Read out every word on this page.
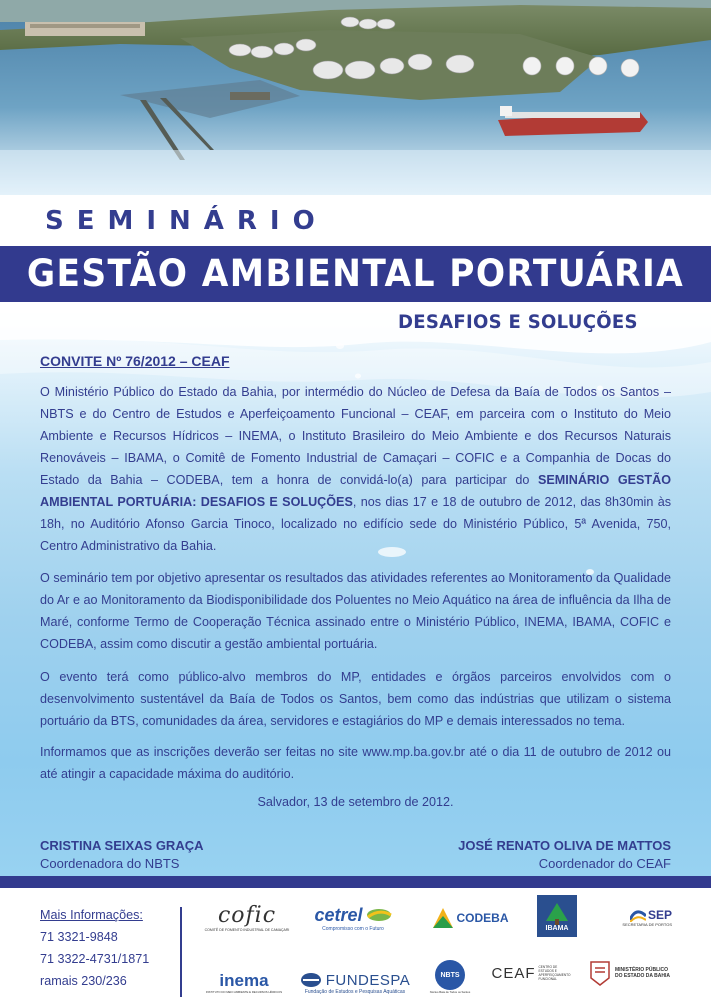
SEMINÁRIO
GESTÃO AMBIENTAL PORTUÁRIA
DESAFIOS E SOLUÇÕES
CONVITE Nº 76/2012 – CEAF

O Ministério Público do Estado da Bahia, por intermédio do Núcleo de Defesa da Baía de Todos os Santos – NBTS e do Centro de Estudos e Aperfeiçoamento Funcional – CEAF, em parceira com o Instituto do Meio Ambiente e Recursos Hídricos – INEMA, o Instituto Brasileiro do Meio Ambiente e dos Recursos Naturais Renováveis – IBAMA, o Comitê de Fomento Industrial de Camaçari – COFIC e a Companhia de Docas do Estado da Bahia – CODEBA, tem a honra de convidá-lo(a) para participar do SEMINÁRIO GESTÃO AMBIENTAL PORTUÁRIA: DESAFIOS E SOLUÇÕES, nos dias 17 e 18 de outubro de 2012, das 8h30min às 18h, no Auditório Afonso Garcia Tinoco, localizado no edifício sede do Ministério Público, 5ª Avenida, 750, Centro Administrativo da Bahia.

O seminário tem por objetivo apresentar os resultados das atividades referentes ao Monitoramento da Qualidade do Ar e ao Monitoramento da Biodisponibilidade dos Poluentes no Meio Aquático na área de influência da Ilha de Maré, conforme Termo de Cooperação Técnica assinado entre o Ministério Público, INEMA, IBAMA, COFIC e CODEBA, assim como discutir a gestão ambiental portuária.

O evento terá como público-alvo membros do MP, entidades e órgãos parceiros envolvidos com o desenvolvimento sustentável da Baía de Todos os Santos, bem como das indústrias que utilizam o sistema portuário da BTS, comunidades da área, servidores e estagiários do MP e demais interessados no tema.

Informamos que as inscrições deverão ser feitas no site www.mp.ba.gov.br até o dia 11 de outubro de 2012 ou até atingir a capacidade máxima do auditório.

Salvador, 13 de setembro de 2012.
CRISTINA SEIXAS GRAÇA
Coordenadora do NBTS
JOSÉ RENATO OLIVA DE MATTOS
Coordenador do CEAF
Mais Informações:
71 3321-9848
71 3322-4731/1871
ramais 230/236
cofic
COMITÊ DE FOMENTO INDUSTRIAL DE CAMAÇARI
cetrel
Compromisso com o Futuro
CODEBA
IBAMA
SEP
SECRETARIA DE PORTOS
inema
INSTITUTO DO MEIO AMBIENTE E RECURSOS HÍDRICOS
FUNDESPA
Fundação de Estudos e Pesquisas Aquáticas
NBTS
Núcleo Baía de Todos os Santos
CEAF CENTRO DE ESTUDOS E APERFEIÇOAMENTO FUNCIONAL
MINISTÉRIO PÚBLICO DO ESTADO DA BAHIA
